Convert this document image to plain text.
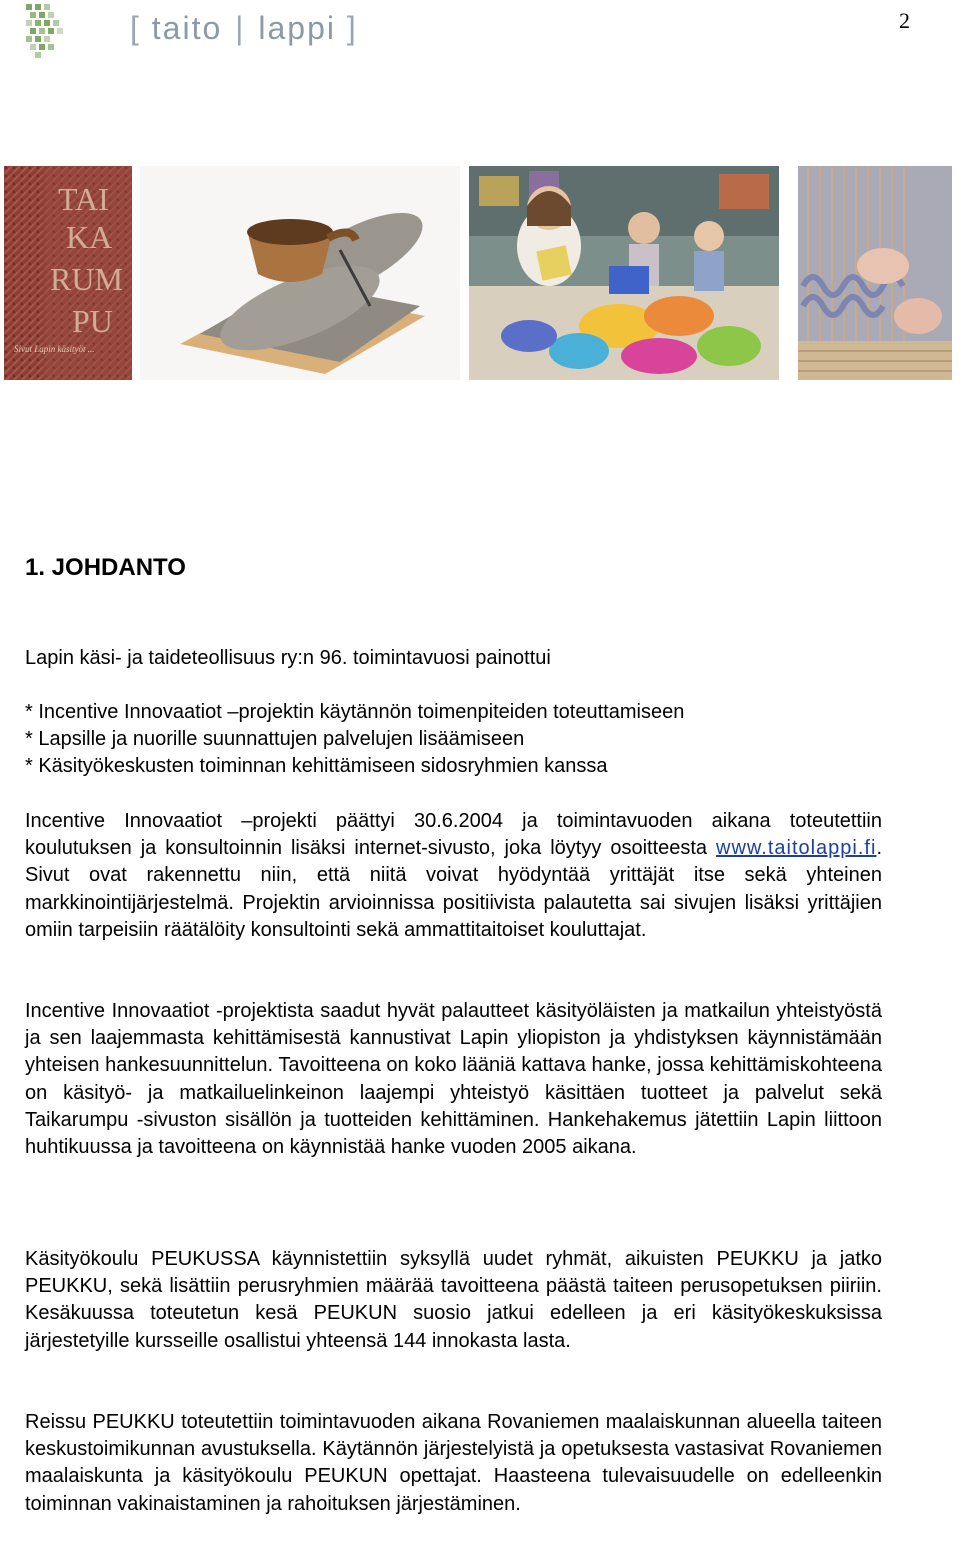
2
[ taito | lappi ]
TAI
KA
RUM
PU
Sivut Lapin käsityöt ...
1. JOHDANTO
Lapin käsi- ja taideteollisuus ry:n 96. toimintavuosi painottui
* Incentive Innovaatiot –projektin käytännön toimenpiteiden toteuttamiseen
* Lapsille ja nuorille suunnattujen palvelujen lisäämiseen
* Käsityökeskusten toiminnan kehittämiseen sidosryhmien kanssa
Incentive Innovaatiot –projekti päättyi 30.6.2004 ja toimintavuoden aikana toteutettiin koulutuksen ja konsultoinnin lisäksi internet-sivusto, joka löytyy osoitteesta www.taitolappi.fi. Sivut ovat rakennettu niin, että niitä voivat hyödyntää yrittäjät itse sekä yhteinen markkinointijärjestelmä. Projektin arvioinnissa positiivista palautetta sai sivujen lisäksi yrittäjien omiin tarpeisiin räätälöity konsultointi sekä ammattitaitoiset kouluttajat.
Incentive Innovaatiot -projektista saadut hyvät palautteet käsityöläisten ja matkailun yhteistyöstä ja sen laajemmasta kehittämisestä kannustivat Lapin yliopiston ja yhdistyksen käynnistämään yhteisen hankesuunnittelun. Tavoitteena on koko lääniä kattava hanke, jossa kehittämiskohteena on käsityö- ja matkailuelinkeinon laajempi yhteistyö käsittäen tuotteet ja palvelut sekä Taikarumpu -sivuston sisällön ja tuotteiden kehittäminen. Hankehakemus jätettiin Lapin liittoon huhtikuussa ja tavoitteena on käynnistää hanke vuoden 2005 aikana.
Käsityökoulu PEUKUSSA käynnistettiin syksyllä uudet ryhmät, aikuisten PEUKKU ja jatko PEUKKU, sekä lisättiin perusryhmien määrää tavoitteena päästä taiteen perusopetuksen piiriin. Kesäkuussa toteutetun kesä PEUKUN suosio jatkui edelleen ja eri käsityökeskuksissa järjestetyille kursseille osallistui yhteensä 144 innokasta lasta.
Reissu PEUKKU toteutettiin toimintavuoden aikana Rovaniemen maalaiskunnan alueella taiteen keskustoimikunnan avustuksella. Käytännön järjestelyistä ja opetuksesta vastasivat Rovaniemen maalaiskunta ja käsityökoulu PEUKUN opettajat. Haasteena tulevaisuudelle on edelleenkin toiminnan vakinaistaminen ja rahoituksen järjestäminen.
